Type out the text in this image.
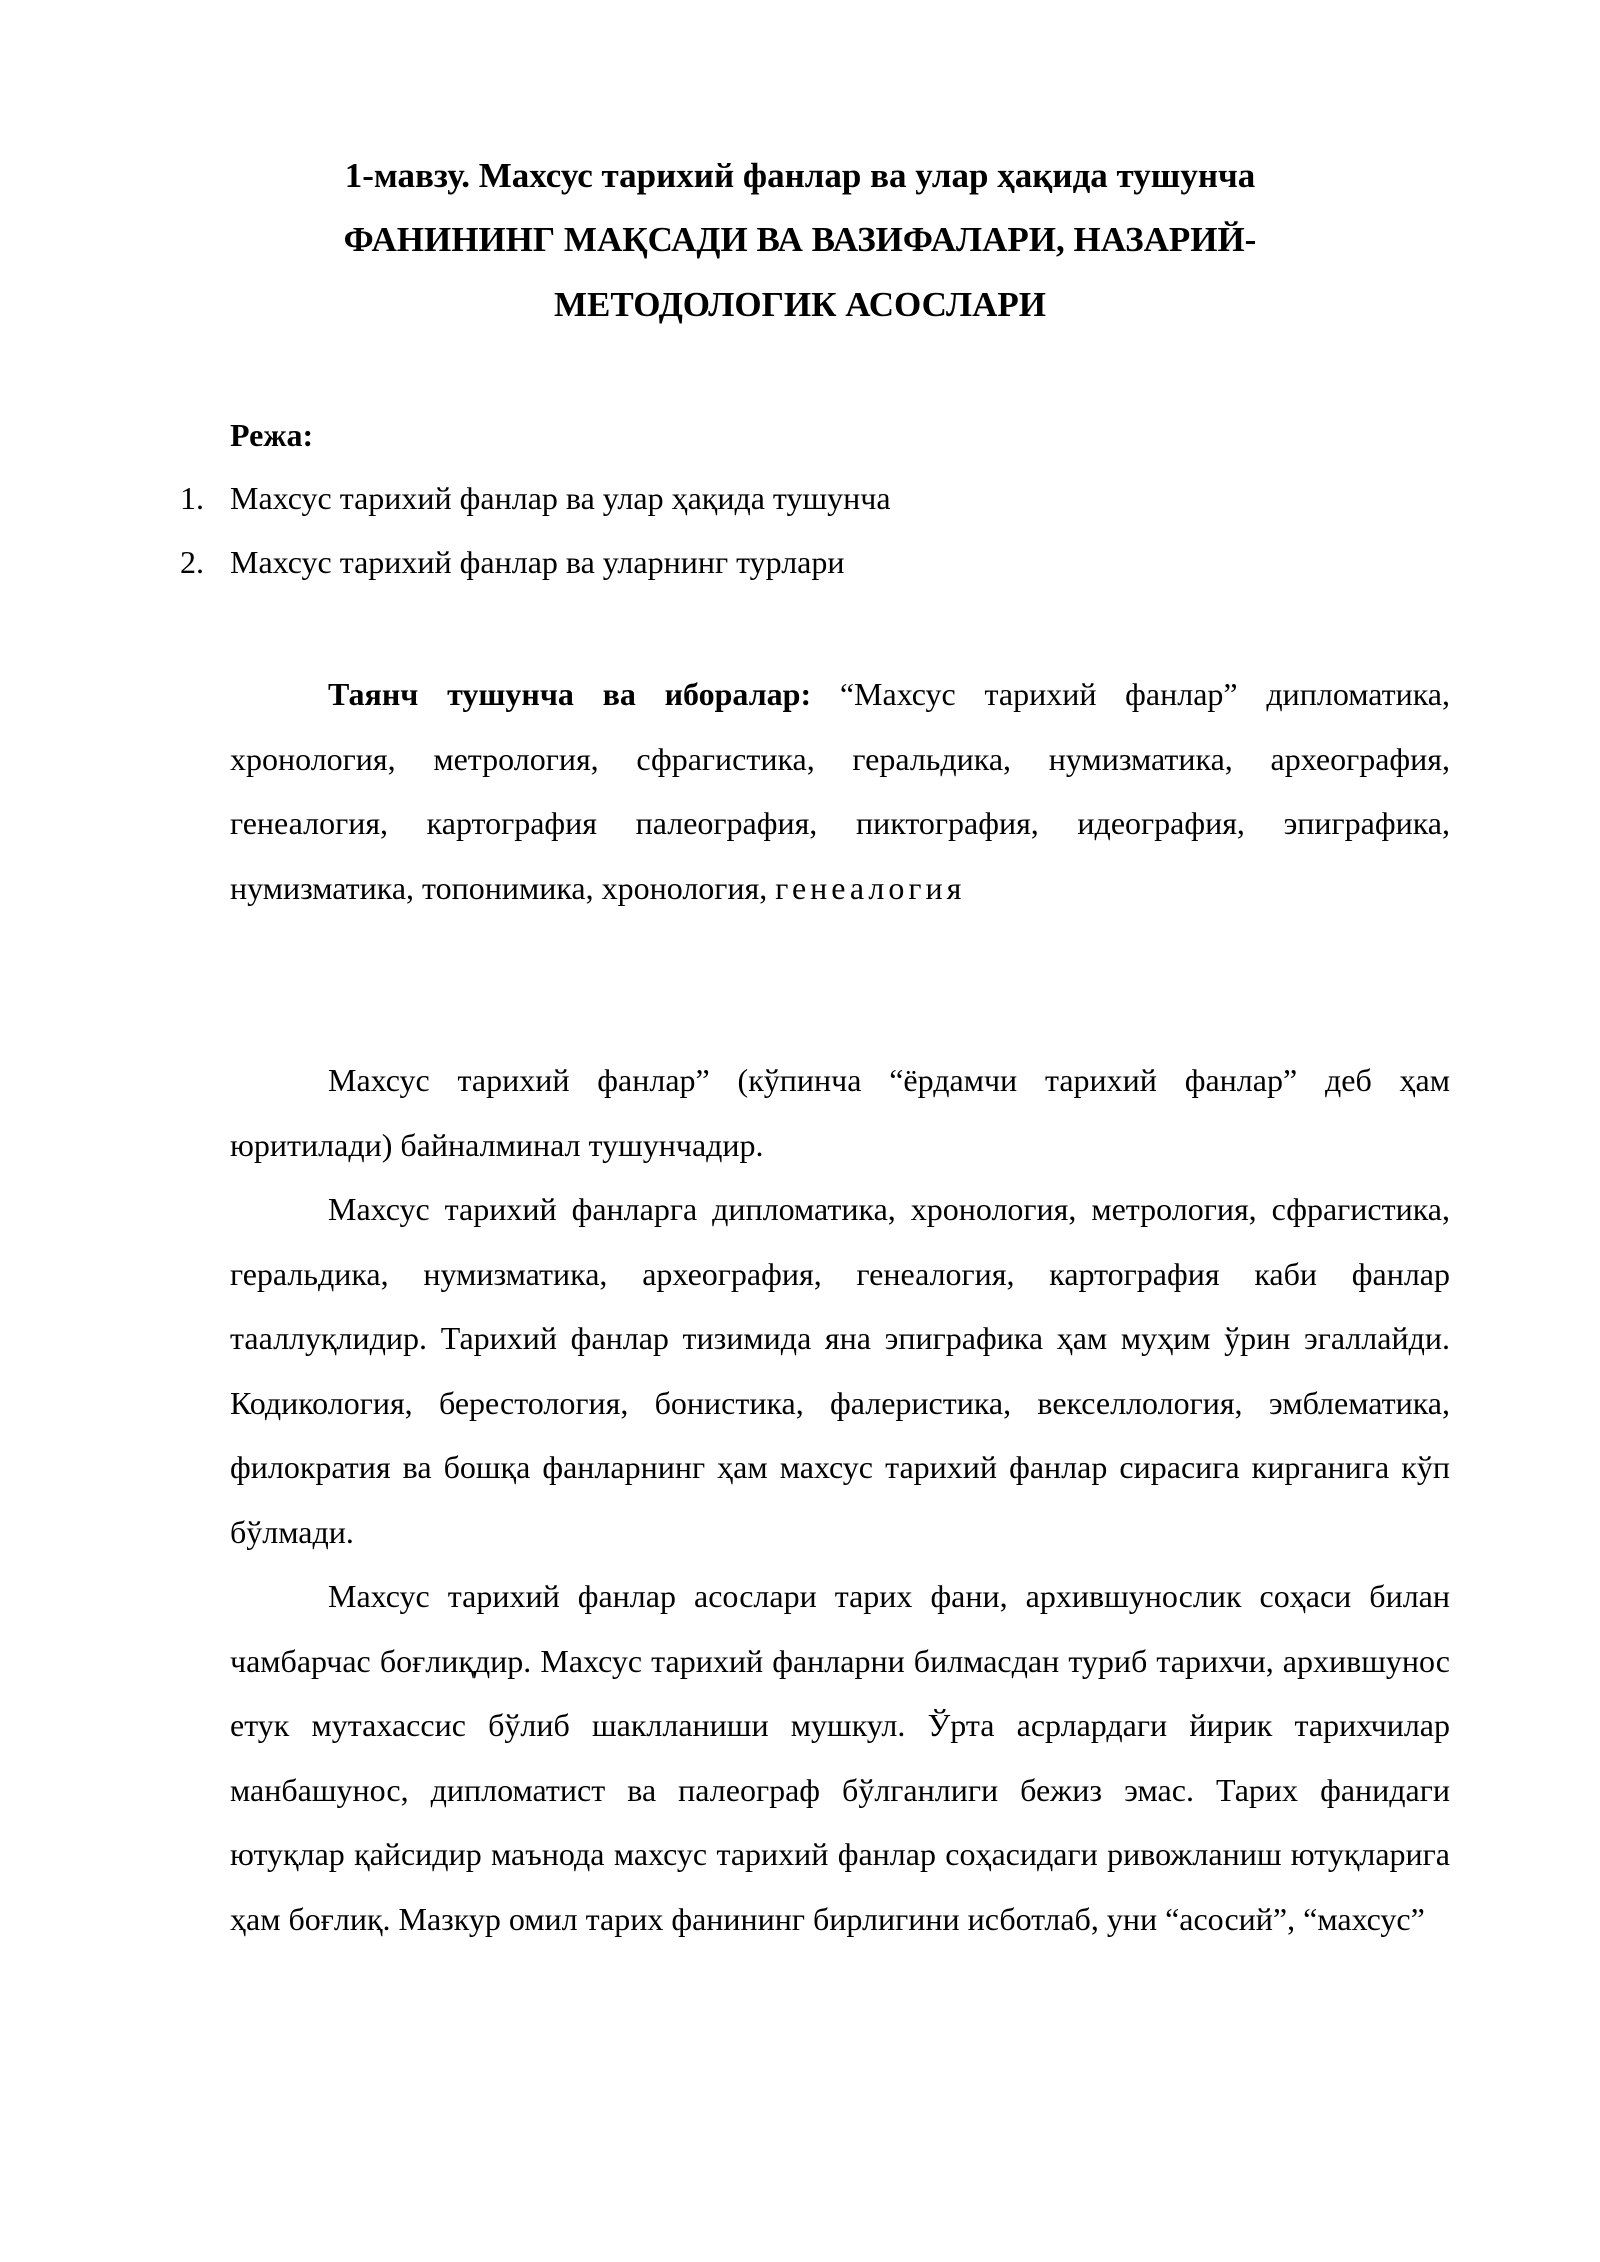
1-мавзу. Махсус тарихий фанлар ва улар ҳақида тушунча
ФАНИНИНГ МАҚСАДИ ВА ВАЗИФАЛАРИ, НАЗАРИЙ-
МЕТОДОЛОГИК АСОСЛАРИ
Режа:
1. Махсус тарихий фанлар ва улар ҳақида тушунча
2. Махсус тарихий фанлар ва уларнинг турлари
Таянч тушунча ва иборалар: “Махсус тарихий фанлар” дипломатика, хронология, метрология, сфрагистика, геральдика, нумизматика, археография, генеалогия, картография палеография, пиктография, идеография, эпиграфика, нумизматика, топонимика, хронология, генеалогия

Махсус тарихий фанлар” (кўпинча “ёрдамчи тарихий фанлар” деб ҳам юритилади) байналминал тушунчадир.

Махсус тарихий фанларга дипломатика, хронология, метрология, сфрагистика, геральдика, нумизматика, археография, генеалогия, картография каби фанлар тааллуқлидир. Тарихий фанлар тизимида яна эпиграфика ҳам муҳим ўрин эгаллайди. Кодикология, берестология, бонистика, фалеристика, векселлология, эмблематика, филократия ва бошқа фанларнинг ҳам махсус тарихий фанлар сирасига кирганига кўп бўлмади.

Махсус тарихий фанлар асослари тарих фани, архившунослик соҳаси билан чамбарчас боғлиқдир. Махсус тарихий фанларни билмасдан туриб тарихчи, архившунос етук мутахассис бўлиб шаклланиши мушкул. Ўрта асрлардаги йирик тарихчилар манбашунос, дипломатист ва палеограф бўлганлиги бежиз эмас. Тарих фанидаги ютуқлар қайсидир маънода махсус тарихий фанлар соҳасидаги ривожланиш ютуқларига ҳам боғлиқ. Мазкур омил тарих фанининг бирлигини исботлаб, уни “асосий”, “махсус”
